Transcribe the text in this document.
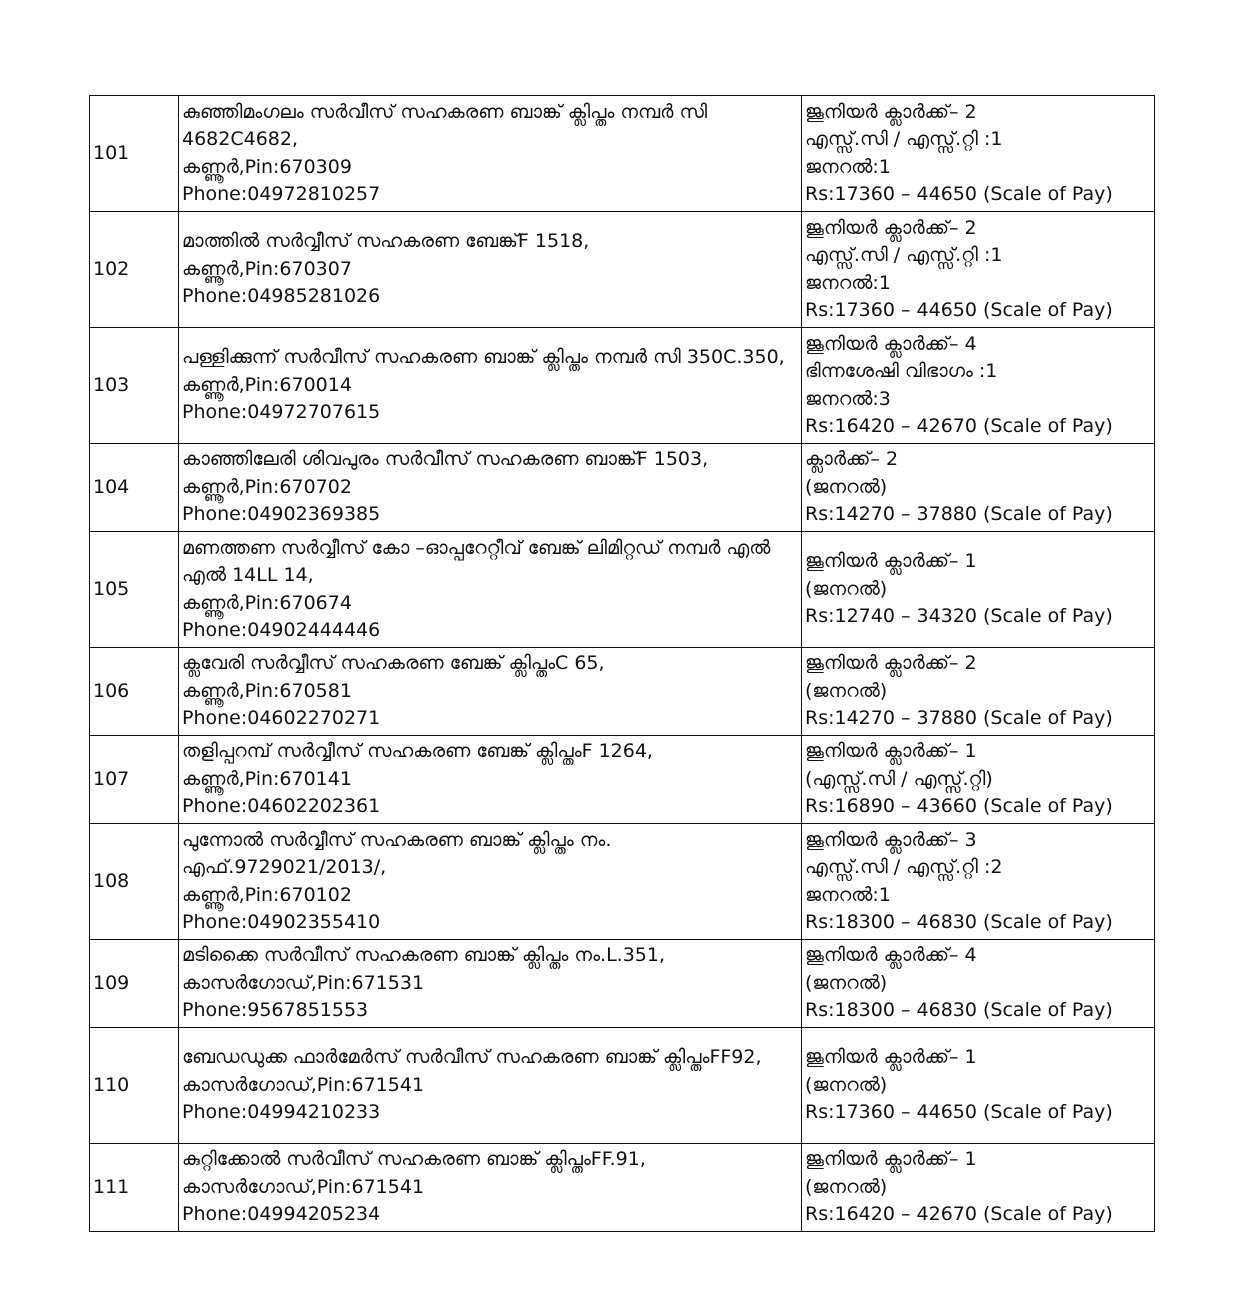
101	കുഞ്ഞിമംഗലം സർവീസ് സഹകരണ ബാങ്ക് ക്ലിപ്തം നമ്പർ സി 4682C4682,
കണ്ണൂർ,Pin:670309
Phone:04972810257	ജൂനിയർ ക്ലാർക്ക്– 2
എസ്സ്.സി / എസ്സ്.റ്റി :1
ജനറൽ:1
Rs:17360 – 44650 (Scale of Pay)

102	മാത്തിൽ സർവ്വീസ് സഹകരണ ബേങ്ക്F 1518,
കണ്ണൂർ,Pin:670307
Phone:04985281026	ജൂനിയർ ക്ലാർക്ക്– 2
എസ്സ്.സി / എസ്സ്.റ്റി :1
ജനറൽ:1
Rs:17360 – 44650 (Scale of Pay)

103	പള്ളിക്കുന്ന് സർവീസ് സഹകരണ ബാങ്ക് ക്ലിപ്തം നമ്പർ സി 350C.350,
കണ്ണൂർ,Pin:670014
Phone:04972707615	ജൂനിയർ ക്ലാർക്ക്– 4
ഭിന്നശേഷി വിഭാഗം :1
ജനറൽ:3
Rs:16420 – 42670 (Scale of Pay)

104	കാഞ്ഞിലേരി ശിവപുരം സർവീസ് സഹകരണ ബാങ്ക്F 1503,
കണ്ണൂർ,Pin:670702
Phone:04902369385	ക്ലാർക്ക്– 2
(ജനറൽ)
Rs:14270 – 37880 (Scale of Pay)

105	മണത്തണ സർവ്വീസ് കോ –ഓപ്പറേറ്റീവ് ബേങ്ക് ലിമിറ്റഡ് നമ്പർ എൽ എൽ 14LL 14,
കണ്ണൂർ,Pin:670674
Phone:04902444446	ജൂനിയർ ക്ലാർക്ക്– 1
(ജനറൽ)
Rs:12740 – 34320 (Scale of Pay)

106	ക്ലവേരി സർവ്വീസ് സഹകരണ ബേങ്ക് ക്ലിപ്തംC 65,
കണ്ണൂർ,Pin:670581
Phone:04602270271	ജൂനിയർ ക്ലാർക്ക്– 2
(ജനറൽ)
Rs:14270 – 37880 (Scale of Pay)

107	തളിപ്പറമ്പ് സർവ്വീസ് സഹകരണ ബേങ്ക് ക്ലിപ്തംF 1264,
കണ്ണൂർ,Pin:670141
Phone:04602202361	ജൂനിയർ ക്ലാർക്ക്– 1
(എസ്സ്.സി / എസ്സ്.റ്റി)
Rs:16890 – 43660 (Scale of Pay)

108	പുന്നോൽ സർവ്വീസ് സഹകരണ ബാങ്ക് ക്ലിപ്തം നം. എഫ്.9729021/2013/,
കണ്ണൂർ,Pin:670102
Phone:04902355410	ജൂനിയർ ക്ലാർക്ക്– 3
എസ്സ്.സി / എസ്സ്.റ്റി :2
ജനറൽ:1
Rs:18300 – 46830 (Scale of Pay)

109	മടിക്കൈ സർവീസ് സഹകരണ ബാങ്ക് ക്ലിപ്തം നം.L.351,
കാസർഗോഡ്,Pin:671531
Phone:9567851553	ജൂനിയർ ക്ലാർക്ക്– 4
(ജനറൽ)
Rs:18300 – 46830 (Scale of Pay)

110	ബേഡഡുക്ക ഫാർമേർസ് സർവീസ് സഹകരണ ബാങ്ക് ക്ലിപ്തംFF92,
കാസർഗോഡ്,Pin:671541
Phone:04994210233	ജൂനിയർ ക്ലാർക്ക്– 1
(ജനറൽ)
Rs:17360 – 44650 (Scale of Pay)

111	കുറ്റിക്കോൽ സർവീസ് സഹകരണ ബാങ്ക് ക്ലിപ്തംFF.91,
കാസർഗോഡ്,Pin:671541
Phone:04994205234	ജൂനിയർ ക്ലാർക്ക്– 1
(ജനറൽ)
Rs:16420 – 42670 (Scale of Pay)
